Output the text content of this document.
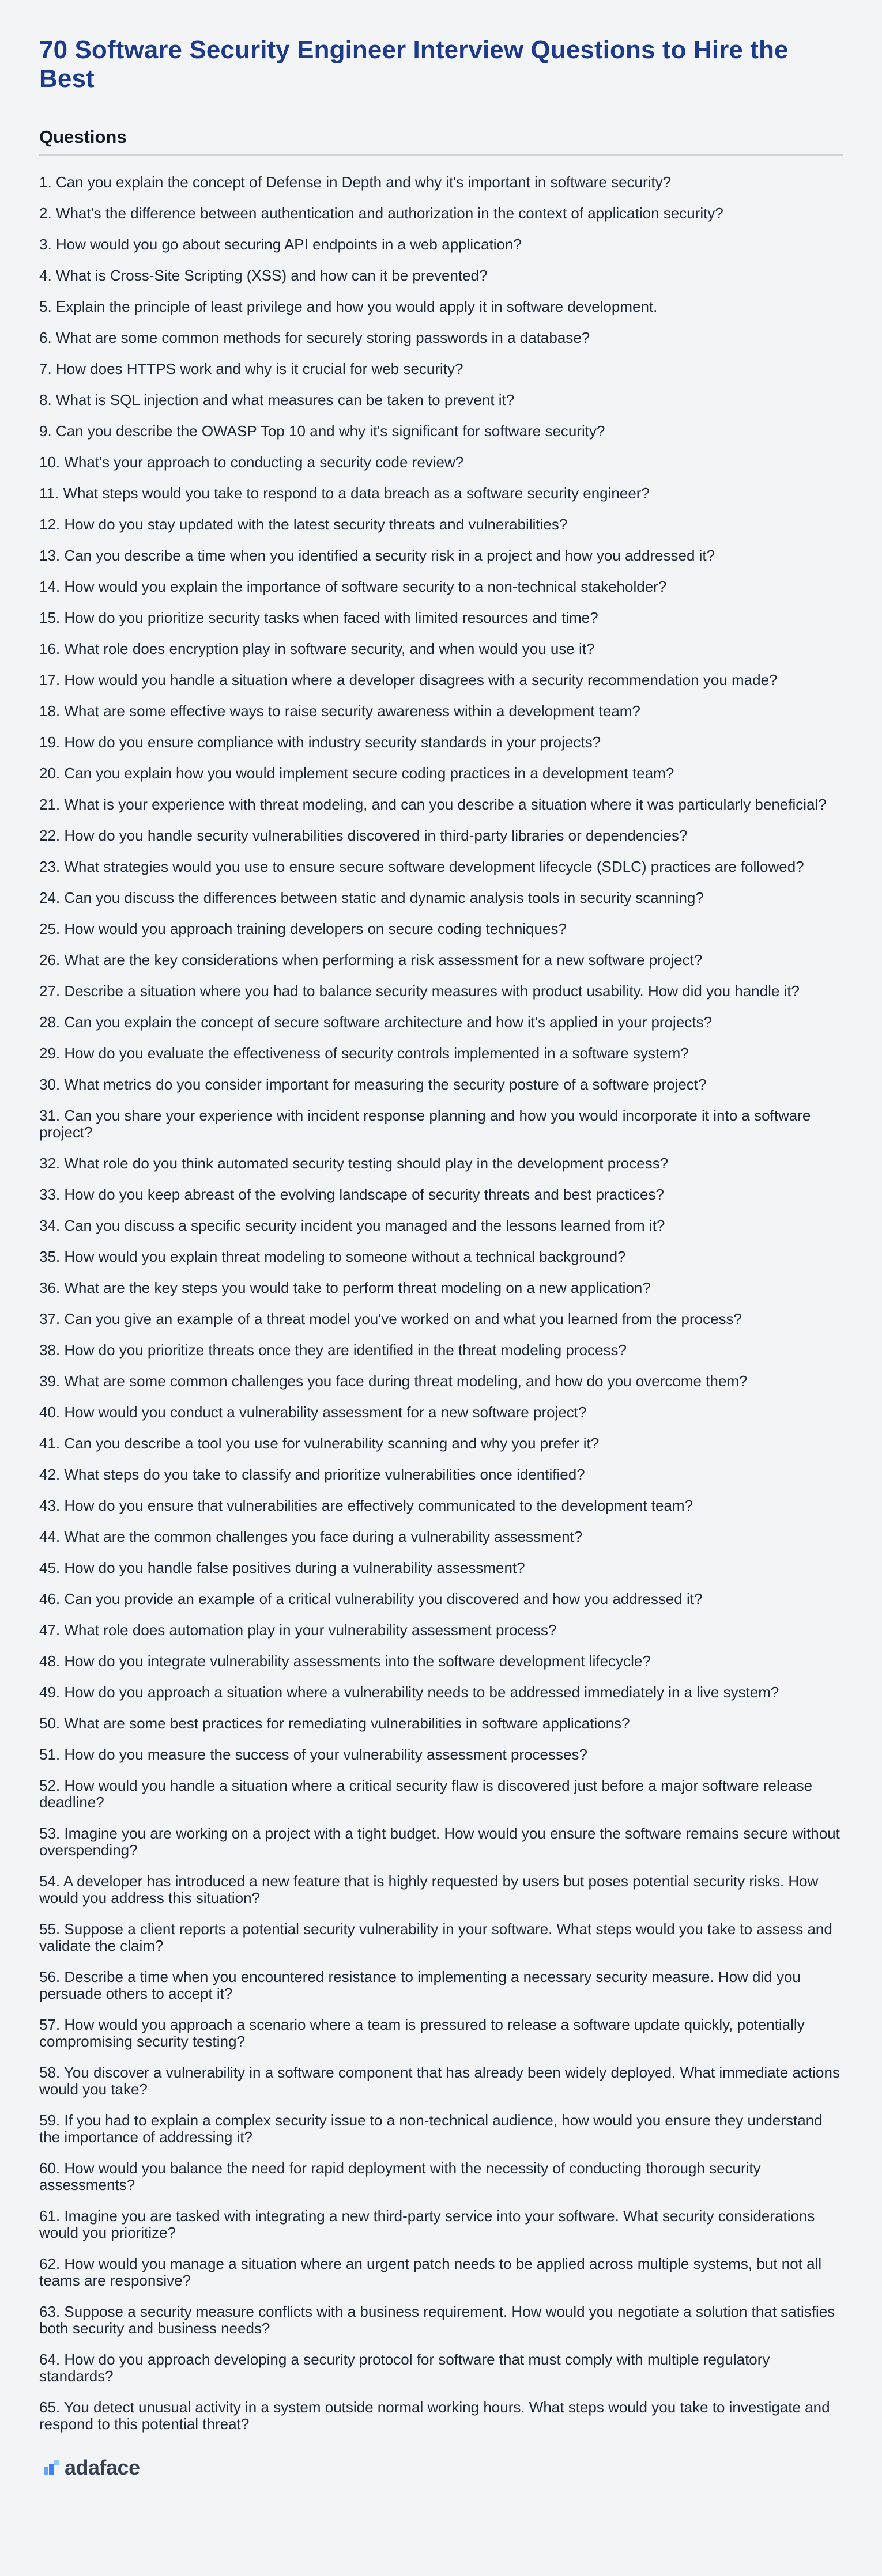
70 Software Security Engineer Interview Questions to Hire the Best
Questions
1. Can you explain the concept of Defense in Depth and why it's important in software security?
2. What's the difference between authentication and authorization in the context of application security?
3. How would you go about securing API endpoints in a web application?
4. What is Cross-Site Scripting (XSS) and how can it be prevented?
5. Explain the principle of least privilege and how you would apply it in software development.
6. What are some common methods for securely storing passwords in a database?
7. How does HTTPS work and why is it crucial for web security?
8. What is SQL injection and what measures can be taken to prevent it?
9. Can you describe the OWASP Top 10 and why it's significant for software security?
10. What's your approach to conducting a security code review?
11. What steps would you take to respond to a data breach as a software security engineer?
12. How do you stay updated with the latest security threats and vulnerabilities?
13. Can you describe a time when you identified a security risk in a project and how you addressed it?
14. How would you explain the importance of software security to a non-technical stakeholder?
15. How do you prioritize security tasks when faced with limited resources and time?
16. What role does encryption play in software security, and when would you use it?
17. How would you handle a situation where a developer disagrees with a security recommendation you made?
18. What are some effective ways to raise security awareness within a development team?
19. How do you ensure compliance with industry security standards in your projects?
20. Can you explain how you would implement secure coding practices in a development team?
21. What is your experience with threat modeling, and can you describe a situation where it was particularly beneficial?
22. How do you handle security vulnerabilities discovered in third-party libraries or dependencies?
23. What strategies would you use to ensure secure software development lifecycle (SDLC) practices are followed?
24. Can you discuss the differences between static and dynamic analysis tools in security scanning?
25. How would you approach training developers on secure coding techniques?
26. What are the key considerations when performing a risk assessment for a new software project?
27. Describe a situation where you had to balance security measures with product usability. How did you handle it?
28. Can you explain the concept of secure software architecture and how it's applied in your projects?
29. How do you evaluate the effectiveness of security controls implemented in a software system?
30. What metrics do you consider important for measuring the security posture of a software project?
31. Can you share your experience with incident response planning and how you would incorporate it into a software project?
32. What role do you think automated security testing should play in the development process?
33. How do you keep abreast of the evolving landscape of security threats and best practices?
34. Can you discuss a specific security incident you managed and the lessons learned from it?
35. How would you explain threat modeling to someone without a technical background?
36. What are the key steps you would take to perform threat modeling on a new application?
37. Can you give an example of a threat model you've worked on and what you learned from the process?
38. How do you prioritize threats once they are identified in the threat modeling process?
39. What are some common challenges you face during threat modeling, and how do you overcome them?
40. How would you conduct a vulnerability assessment for a new software project?
41. Can you describe a tool you use for vulnerability scanning and why you prefer it?
42. What steps do you take to classify and prioritize vulnerabilities once identified?
43. How do you ensure that vulnerabilities are effectively communicated to the development team?
44. What are the common challenges you face during a vulnerability assessment?
45. How do you handle false positives during a vulnerability assessment?
46. Can you provide an example of a critical vulnerability you discovered and how you addressed it?
47. What role does automation play in your vulnerability assessment process?
48. How do you integrate vulnerability assessments into the software development lifecycle?
49. How do you approach a situation where a vulnerability needs to be addressed immediately in a live system?
50. What are some best practices for remediating vulnerabilities in software applications?
51. How do you measure the success of your vulnerability assessment processes?
52. How would you handle a situation where a critical security flaw is discovered just before a major software release deadline?
53. Imagine you are working on a project with a tight budget. How would you ensure the software remains secure without overspending?
54. A developer has introduced a new feature that is highly requested by users but poses potential security risks. How would you address this situation?
55. Suppose a client reports a potential security vulnerability in your software. What steps would you take to assess and validate the claim?
56. Describe a time when you encountered resistance to implementing a necessary security measure. How did you persuade others to accept it?
57. How would you approach a scenario where a team is pressured to release a software update quickly, potentially compromising security testing?
58. You discover a vulnerability in a software component that has already been widely deployed. What immediate actions would you take?
59. If you had to explain a complex security issue to a non-technical audience, how would you ensure they understand the importance of addressing it?
60. How would you balance the need for rapid deployment with the necessity of conducting thorough security assessments?
61. Imagine you are tasked with integrating a new third-party service into your software. What security considerations would you prioritize?
62. How would you manage a situation where an urgent patch needs to be applied across multiple systems, but not all teams are responsive?
63. Suppose a security measure conflicts with a business requirement. How would you negotiate a solution that satisfies both security and business needs?
64. How do you approach developing a security protocol for software that must comply with multiple regulatory standards?
65. You detect unusual activity in a system outside normal working hours. What steps would you take to investigate and respond to this potential threat?
adaface
